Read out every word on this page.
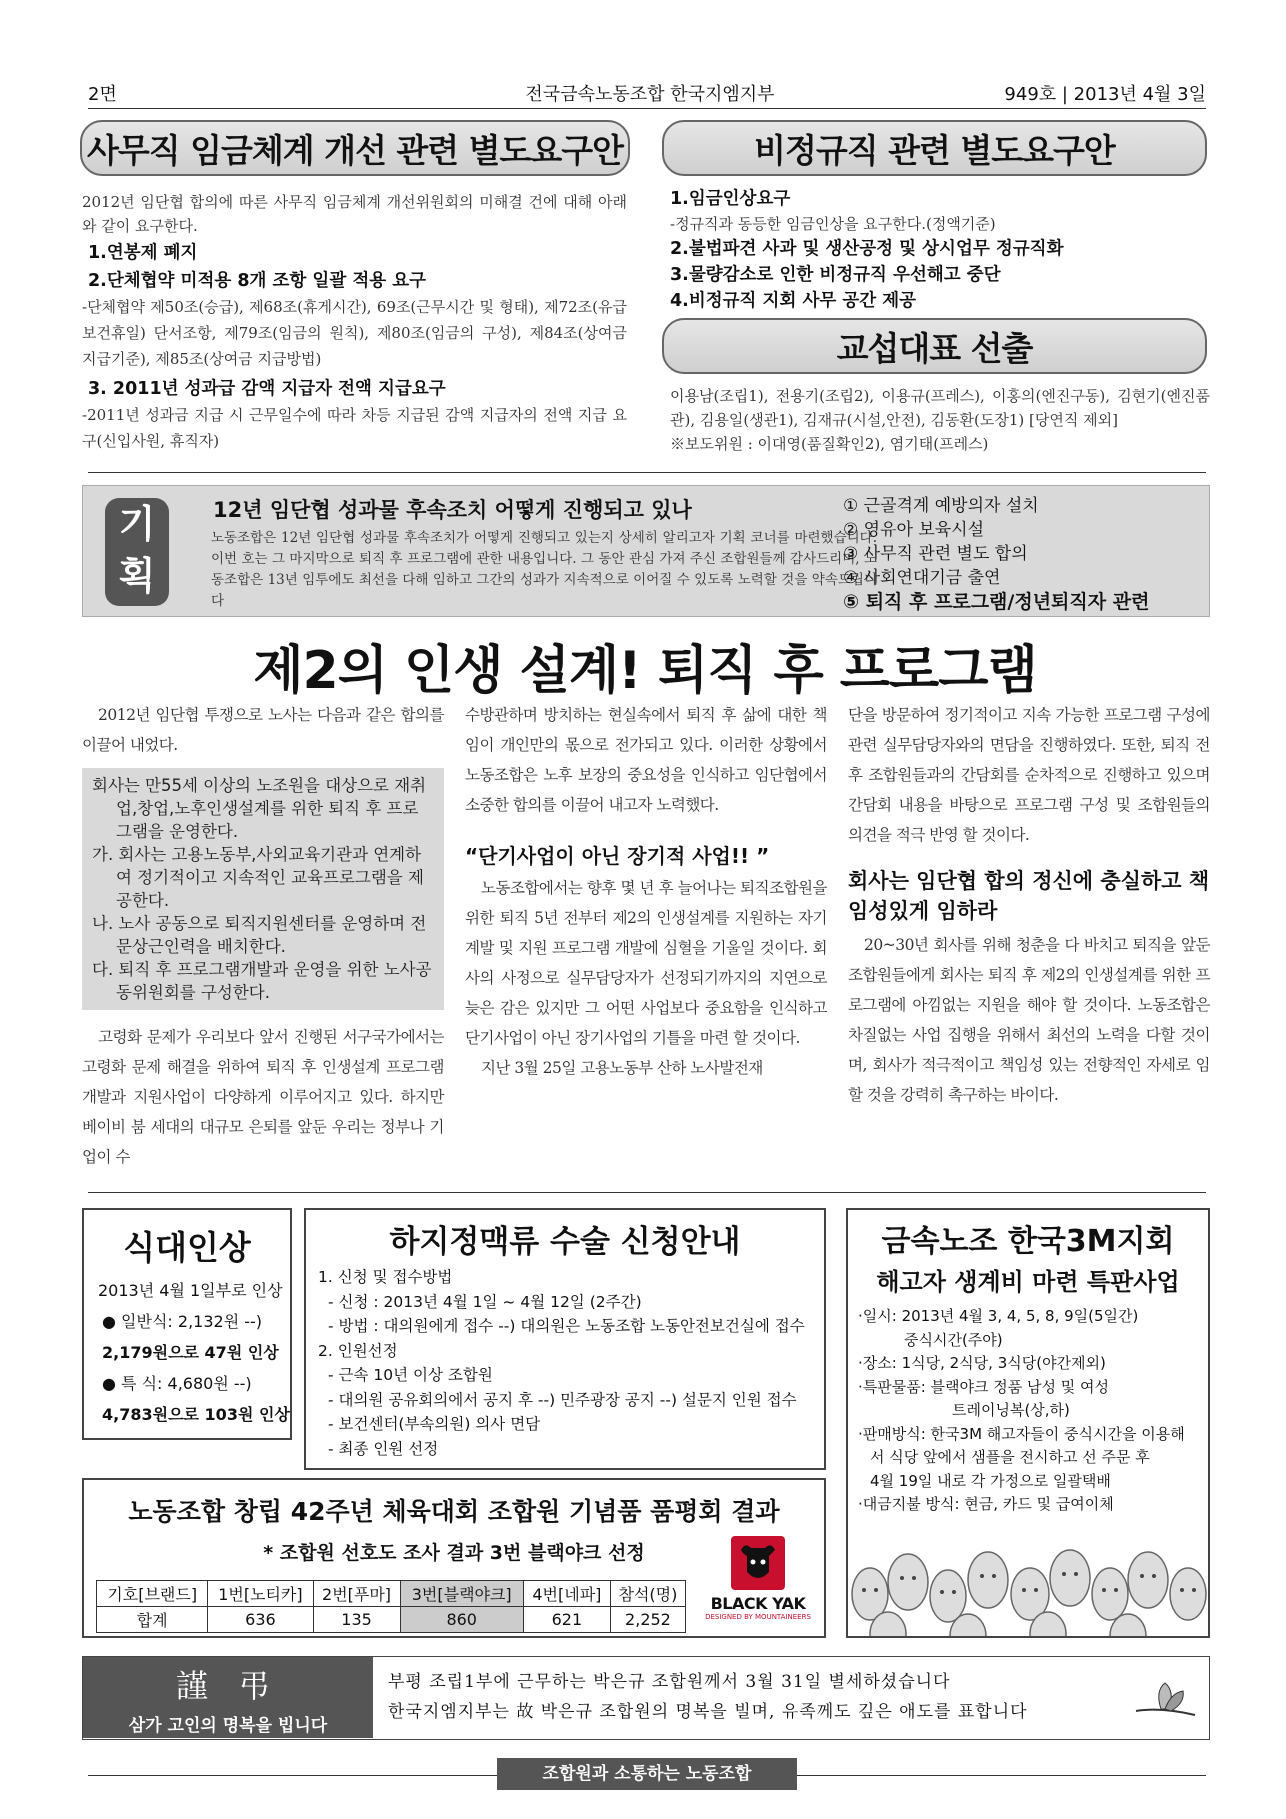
2면	전국금속노동조합 한국지엠지부	949호 | 2013년 4월 3일
사무직 임금체계 개선 관련 별도요구안
2012년 임단협 합의에 따른 사무직 임금체계 개선위원회의 미해결 건에 대해 아래와 같이 요구한다.
1.연봉제 폐지
2.단체협약 미적용 8개 조항 일괄 적용 요구
-단체협약 제50조(승급), 제68조(휴게시간), 69조(근무시간 및 형태), 제72조(유급보건휴일) 단서조항, 제79조(임금의 원칙), 제80조(임금의 구성), 제84조(상여금 지급기준), 제85조(상여금 지급방법)
3. 2011년 성과급 감액 지급자 전액 지급요구
-2011년 성과금 지급 시 근무일수에 따라 차등 지급된 감액 지급자의 전액 지급 요구(신입사원, 휴직자)
비정규직 관련 별도요구안
1.임금인상요구
-정규직과 동등한 임금인상을 요구한다.(정액기준)
2.불법파견 사과 및 생산공정 및 상시업무 정규직화
3.물량감소로 인한 비정규직 우선해고 중단
4.비정규직 지회 사무 공간 제공
교섭대표 선출
이용남(조립1), 전용기(조립2), 이용규(프레스), 이홍의(엔진구동), 김현기(엔진품관), 김용일(생관1), 김재규(시설,안전), 김동환(도장1) [당연직 제외]
※보도위원 : 이대영(품질확인2), 염기태(프레스)
기
획
12년 임단협 성과물 후속조치 어떻게 진행되고 있나
노동조합은 12년 임단협 성과물 후속조치가 어떻게 진행되고 있는지 상세히 알리고자 기획 코너를 마련했습니다. 이번 호는 그 마지막으로 퇴직 후 프로그램에 관한 내용입니다. 그 동안 관심 가져 주신 조합원들께 감사드리며, 노동조합은 13년 임투에도 최선을 다해 임하고 그간의 성과가 지속적으로 이어질 수 있도록 노력할 것을 약속드립니다
① 근골격계 예방의자 설치
② 영유아 보육시설
③ 사무직 관련 별도 합의
④ 사회연대기금 출연
⑤ 퇴직 후 프로그램/정년퇴직자 관련
제2의 인생 설계! 퇴직 후 프로그램
2012년 임단협 투쟁으로 노사는 다음과 같은 합의를 이끌어 내었다.
회사는 만55세 이상의 노조원을 대상으로 재취업,창업,노후인생설계를 위한 퇴직 후 프로그램을 운영한다.
가. 회사는 고용노동부,사외교육기관과 연계하여 정기적이고 지속적인 교육프로그램을 제공한다.
나. 노사 공동으로 퇴직지원센터를 운영하며 전문상근인력을 배치한다.
다. 퇴직 후 프로그램개발과 운영을 위한 노사공동위원회를 구성한다.
고령화 문제가 우리보다 앞서 진행된 서구국가에서는 고령화 문제 해결을 위하여 퇴직 후 인생설계 프로그램개발과 지원사업이 다양하게 이루어지고 있다. 하지만 베이비 붐 세대의 대규모 은퇴를 앞둔 우리는 정부나 기업이 수
수방관하며 방치하는 현실속에서 퇴직 후 삶에 대한 책임이 개인만의 몫으로 전가되고 있다. 이러한 상황에서 노동조합은 노후 보장의 중요성을 인식하고 임단협에서 소중한 합의를 이끌어 내고자 노력했다.
“단기사업이 아닌 장기적 사업!! ”
노동조합에서는 향후 몇 년 후 늘어나는 퇴직조합원을 위한 퇴직 5년 전부터 제2의 인생설계를 지원하는 자기 계발 및 지원 프로그램 개발에 심혈을 기울일 것이다. 회사의 사정으로 실무담당자가 선정되기까지의 지연으로 늦은 감은 있지만 그 어떤 사업보다 중요함을 인식하고 단기사업이 아닌 장기사업의 기틀을 마련 할 것이다.
지난 3월 25일 고용노동부 산하 노사발전재
단을 방문하여 정기적이고 지속 가능한 프로그램 구성에 관련 실무담당자와의 면담을 진행하였다. 또한, 퇴직 전후 조합원들과의 간담회를 순차적으로 진행하고 있으며 간담회 내용을 바탕으로 프로그램 구성 및 조합원들의 의견을 적극 반영 할 것이다.
회사는 임단협 합의 정신에 충실하고 책임성있게 임하라
20~30년 회사를 위해 청춘을 다 바치고 퇴직을 앞둔 조합원들에게 회사는 퇴직 후 제2의 인생설계를 위한 프로그램에 아낌없는 지원을 해야 할 것이다. 노동조합은 차질없는 사업 집행을 위해서 최선의 노력을 다할 것이며, 회사가 적극적이고 책임성 있는 전향적인 자세로 임할 것을 강력히 촉구하는 바이다.
식대인상
2013년 4월 1일부로 인상
● 일반식: 2,132원 --)
2,179원으로 47원 인상
● 특 식: 4,680원 --)
4,783원으로 103원 인상
하지정맥류 수술 신청안내
1. 신청 및 접수방법
- 신청 : 2013년 4월 1일 ~ 4월 12일 (2주간)
- 방법 : 대의원에게 접수 --) 대의원은 노동조합 노동안전보건실에 접수
2. 인원선정
- 근속 10년 이상 조합원
- 대의원 공유회의에서 공지 후 --) 민주광장 공지 --) 설문지 인원 접수
- 보건센터(부속의원) 의사 면담
- 최종 인원 선정
노동조합 창립 42주년 체육대회 조합원 기념품 품평회 결과
* 조합원 선호도 조사 결과 3번 블랙야크 선정
기호[브랜드]	1번[노티카]	2번[푸마]	3번[블랙야크]	4번[네파]	참석(명)
합계	636	135	860	621	2,252
BLACK YAK
DESIGNED BY MOUNTAINEERS
금속노조 한국3M지회
해고자 생계비 마련 특판사업
·일시: 2013년 4월 3, 4, 5, 8, 9일(5일간)
중식시간(주야)
·장소: 1식당, 2식당, 3식당(야간제외)
·특판물품: 블랙야크 정품 남성 및 여성
트레이닝복(상,하)
·판매방식: 한국3M 해고자들이 중식시간을 이용해서 식당 앞에서 샘플을 전시하고 선 주문 후
4월 19일 내로 각 가정으로 일괄택배
·대금지불 방식: 현금, 카드 및 급여이체
謹 弔
삼가 고인의 명복을 빕니다
부평 조립1부에 근무하는 박은규 조합원께서 3월 31일 별세하셨습니다
한국지엠지부는 故 박은규 조합원의 명복을 빌며, 유족께도 깊은 애도를 표합니다
조합원과 소통하는 노동조합
